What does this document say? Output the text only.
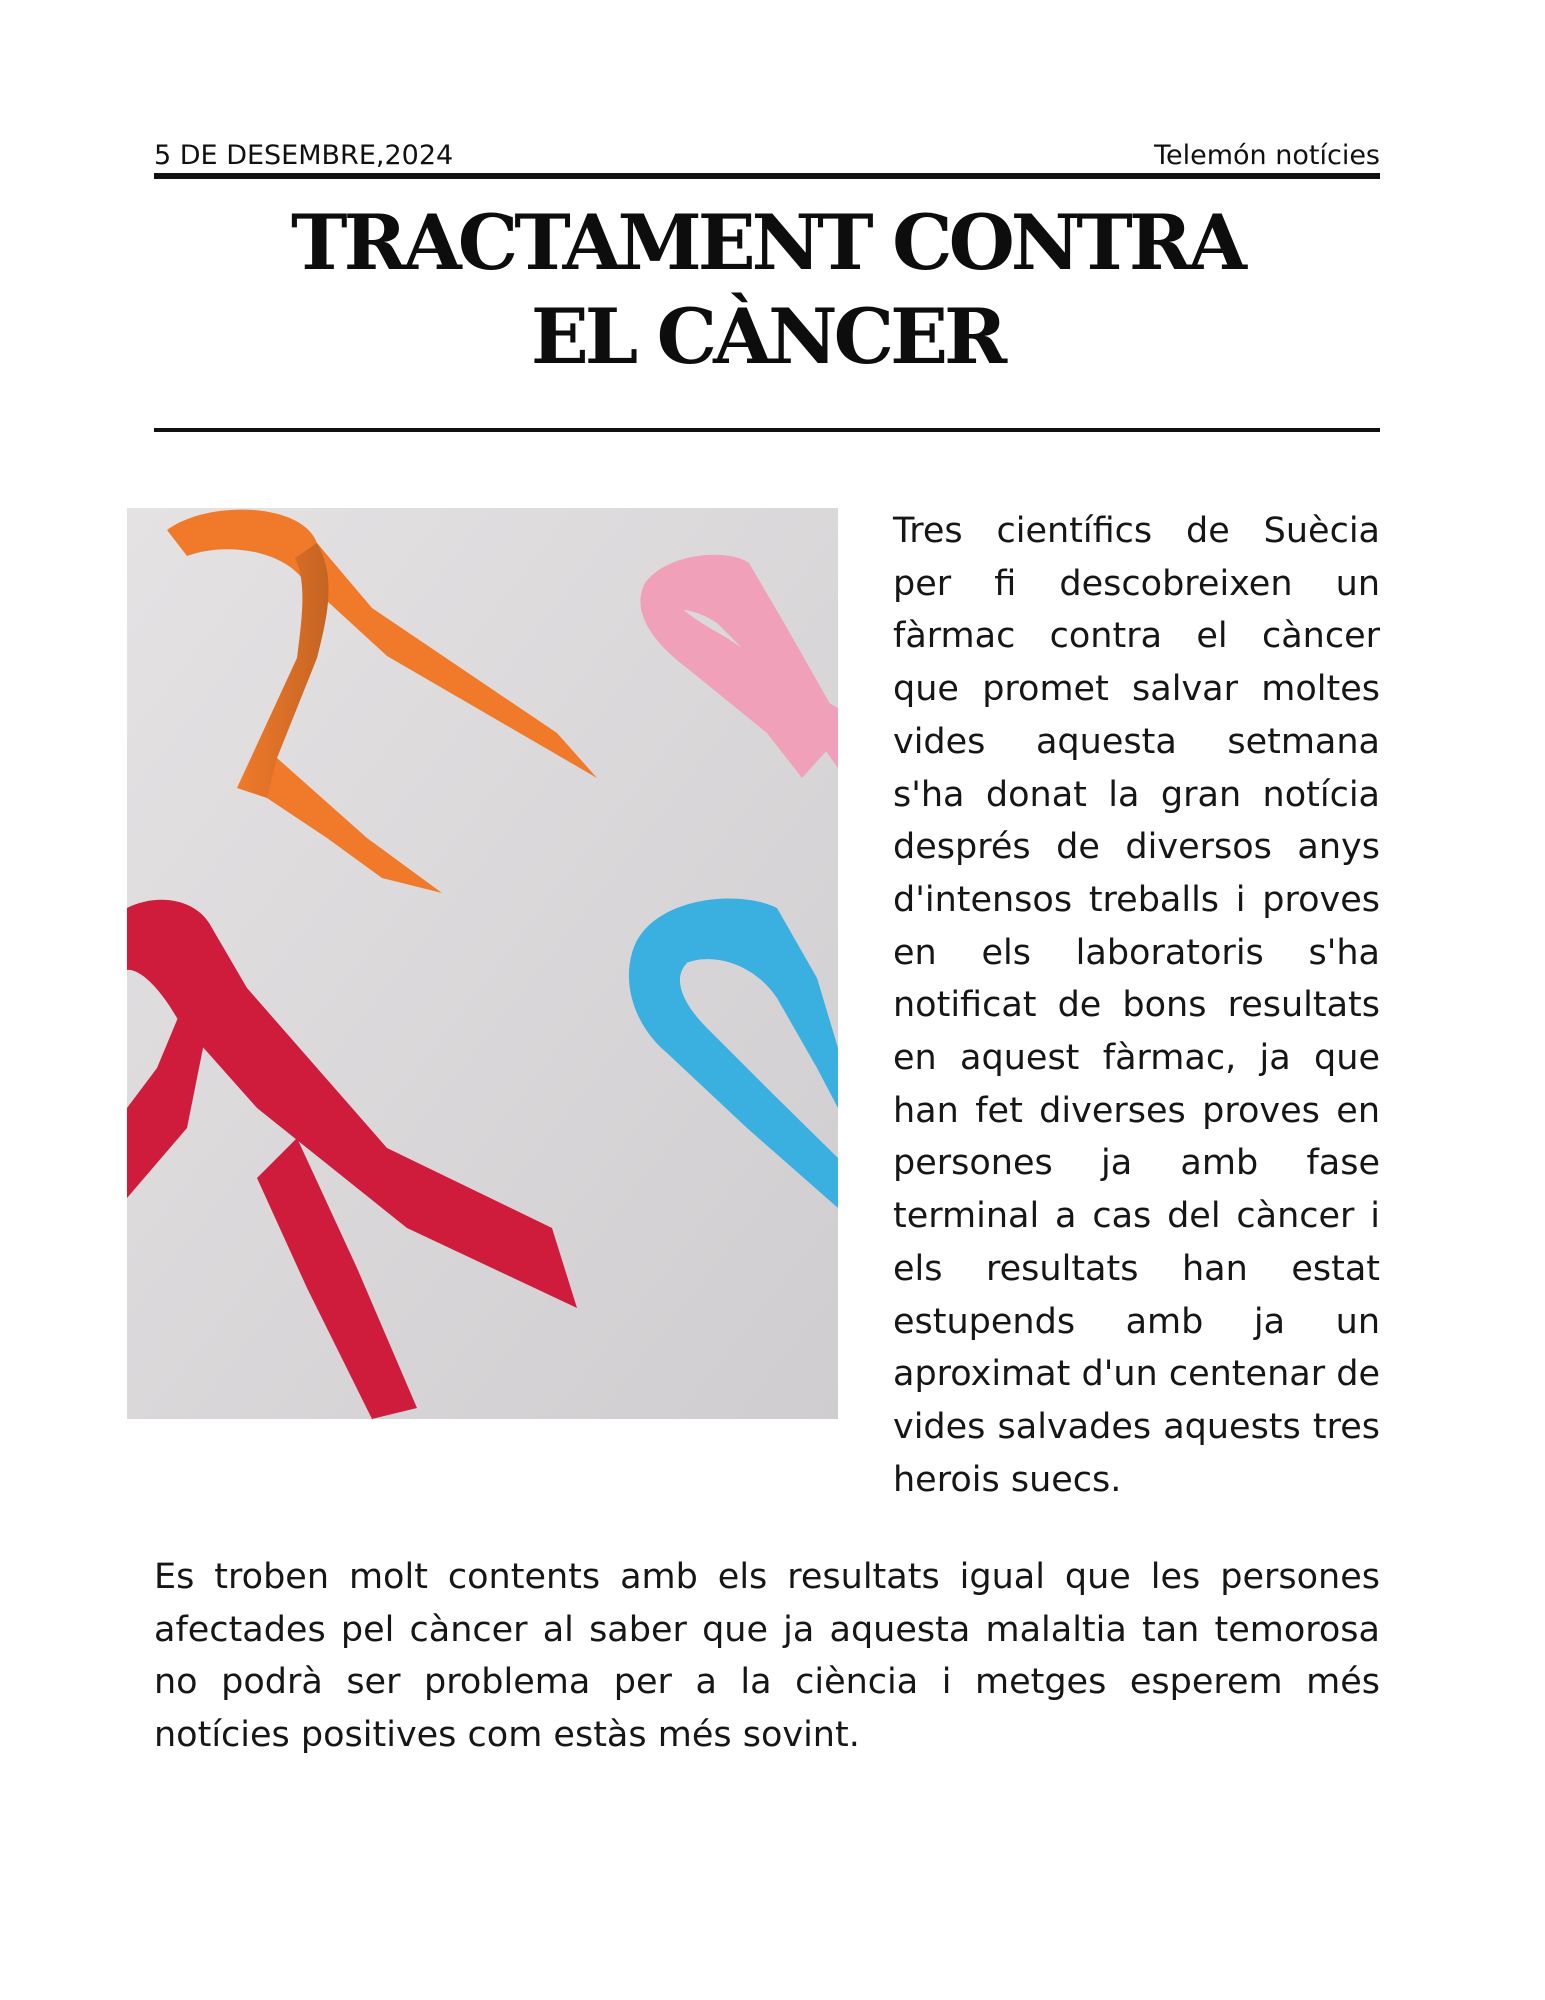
5 DE DESEMBRE,2024	Telemón notícies
TRACTAMENT CONTRA
EL CÀNCER

Tres científics de Suècia per fi descobreixen un fàrmac contra el càncer que promet salvar moltes vides aquesta setmana s'ha donat la gran notícia després de diversos anys d'intensos treballs i proves en els laboratoris s'ha notificat de bons resultats en aquest fàrmac, ja que han fet diverses proves en persones ja amb fase terminal a cas del càncer i els resultats han estat estupends amb ja un aproximat d'un centenar de vides salvades aquests tres herois suecs.

Es troben molt contents amb els resultats igual que les persones afectades pel càncer al saber que ja aquesta malaltia tan temorosa no podrà ser problema per a la ciència i metges esperem més notícies positives com estàs més sovint.
